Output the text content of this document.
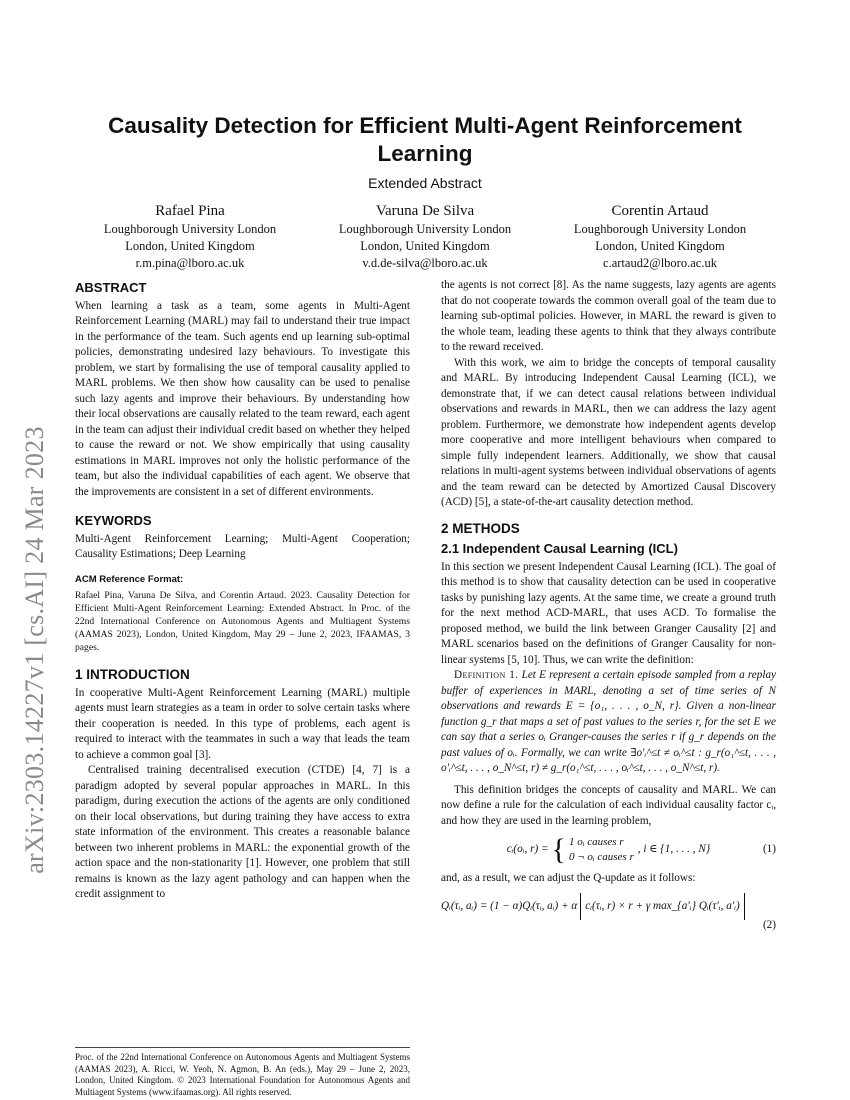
arXiv:2303.14227v1 [cs.AI] 24 Mar 2023
Causality Detection for Efficient Multi-Agent Reinforcement Learning
Extended Abstract
Rafael Pina
Loughborough University London
London, United Kingdom
r.m.pina@lboro.ac.uk
Varuna De Silva
Loughborough University London
London, United Kingdom
v.d.de-silva@lboro.ac.uk
Corentin Artaud
Loughborough University London
London, United Kingdom
c.artaud2@lboro.ac.uk
ABSTRACT

When learning a task as a team, some agents in Multi-Agent Reinforcement Learning (MARL) may fail to understand their true impact in the performance of the team. Such agents end up learning sub-optimal policies, demonstrating undesired lazy behaviours. To investigate this problem, we start by formalising the use of temporal causality applied to MARL problems. We then show how causality can be used to penalise such lazy agents and improve their behaviours. By understanding how their local observations are causally related to the team reward, each agent in the team can adjust their individual credit based on whether they helped to cause the reward or not. We show empirically that using causality estimations in MARL improves not only the holistic performance of the team, but also the individual capabilities of each agent. We observe that the improvements are consistent in a set of different environments.

KEYWORDS

Multi-Agent Reinforcement Learning; Multi-Agent Cooperation; Causality Estimations; Deep Learning

ACM Reference Format:

Rafael Pina, Varuna De Silva, and Corentin Artaud. 2023. Causality Detection for Efficient Multi-Agent Reinforcement Learning: Extended Abstract. In Proc. of the 22nd International Conference on Autonomous Agents and Multiagent Systems (AAMAS 2023), London, United Kingdom, May 29 – June 2, 2023, IFAAMAS, 3 pages.

1 INTRODUCTION

In cooperative Multi-Agent Reinforcement Learning (MARL) multiple agents must learn strategies as a team in order to solve certain tasks where their cooperation is needed. In this type of problems, each agent is required to interact with the teammates in such a way that leads the team to achieve a common goal [3].

Centralised training decentralised execution (CTDE) [4, 7] is a paradigm adopted by several popular approaches in MARL. In this paradigm, during execution the actions of the agents are only conditioned on their local observations, but during training they have access to extra state information of the environment. This creates a reasonable balance between two inherent problems in MARL: the exponential growth of the action space and the non-stationarity [1]. However, one problem that still remains is known as the lazy agent pathology and can happen when the credit assignment to

Proc. of the 22nd International Conference on Autonomous Agents and Multiagent Systems (AAMAS 2023), A. Ricci, W. Yeoh, N. Agmon, B. An (eds.), May 29 – June 2, 2023, London, United Kingdom. © 2023 International Foundation for Autonomous Agents and Multiagent Systems (www.ifaamas.org). All rights reserved.

the agents is not correct [8]. As the name suggests, lazy agents are agents that do not cooperate towards the common overall goal of the team due to learning sub-optimal policies. However, in MARL the reward is given to the whole team, leading these agents to think that they always contribute to the reward received.

With this work, we aim to bridge the concepts of temporal causality and MARL. By introducing Independent Causal Learning (ICL), we demonstrate that, if we can detect causal relations between individual observations and rewards in MARL, then we can address the lazy agent problem. Furthermore, we demonstrate how independent agents develop more cooperative and more intelligent behaviours when compared to simple fully independent learners. Additionally, we show that causal relations in multi-agent systems between individual observations of agents and the team reward can be detected by Amortized Causal Discovery (ACD) [5], a state-of-the-art causality detection method.

2 METHODS
2.1 Independent Causal Learning (ICL)

In this section we present Independent Causal Learning (ICL). The goal of this method is to show that causality detection can be used in cooperative tasks by punishing lazy agents. At the same time, we create a ground truth for the next method ACD-MARL, that uses ACD. To formalise the proposed method, we build the link between Granger Causality [2] and MARL scenarios based on the definitions of Granger Causality for non-linear systems [5, 10]. Thus, we can write the definition:

Definition 1. Let E represent a certain episode sampled from a replay buffer of experiences in MARL, denoting a set of time series of N observations and rewards E = {o₁, . . . , o_N, r}. Given a non-linear function g_r that maps a set of past values to the series r, for the set E we can say that a series oᵢ Granger-causes the series r if g_r depends on the past values of oᵢ. Formally, we can write ∃o′ᵢ^≤t ≠ oᵢ^≤t : g_r(o₁^≤t, . . . , o′ᵢ^≤t, . . . , o_N^≤t, r) ≠ g_r(o₁^≤t, . . . , oᵢ^≤t, . . . , o_N^≤t, r).

This definition bridges the concepts of causality and MARL. We can now define a rule for the calculation of each individual causality factor cᵢ, and how they are used in the learning problem,

cᵢ(oᵢ, r) = { 1 oᵢ causes r
0 ¬ oᵢ causes r
, i ∈ {1, . . . , N}	(1)

and, as a result, we can adjust the Q-update as it follows:

Qᵢ(τᵢ, aᵢ) = (1 − α)Qᵢ(τᵢ, aᵢ) + α cᵢ(τᵢ, r) × r + γ max_{a′ᵢ} Qᵢ(τ′ᵢ, a′ᵢ)
(2)
